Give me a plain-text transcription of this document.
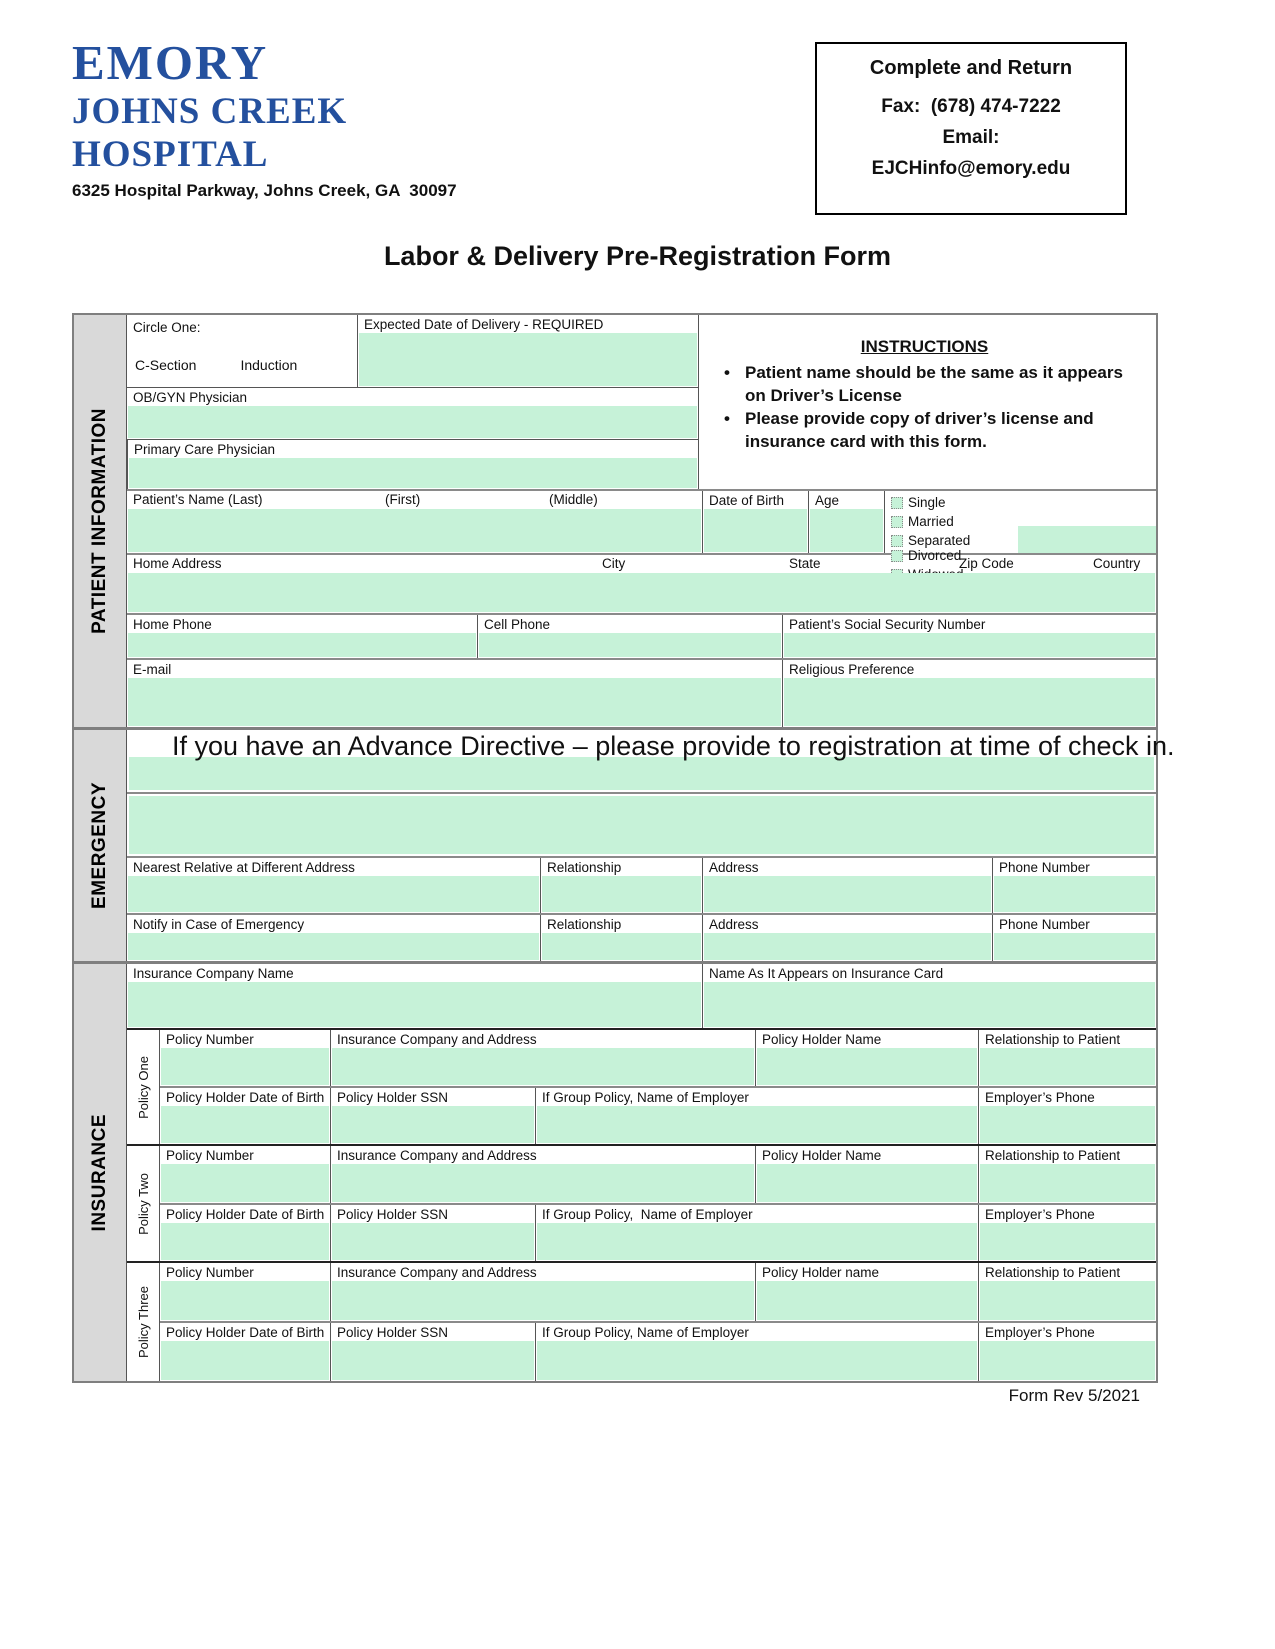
EMORY
JOHNS CREEK
HOSPITAL
6325 Hospital Parkway, Johns Creek, GA  30097
Complete and Return
Fax:  (678) 474-7222
Email:
EJCHinfo@emory.edu
Labor & Delivery Pre-Registration Form
PATIENT INFORMATION
Circle One:
C-Section	Induction
Expected Date of Delivery - REQUIRED
OB/GYN Physician
Primary Care Physician
INSTRUCTIONS
• Patient name should be the same as it appears on Driver’s License
• Please provide copy of driver’s license and insurance card with this form.
Patient’s Name (Last)	(First)	(Middle)	Date of Birth	Age	Single
Married
Separated
Divorced
Home Address	City	State	Zip Code	Country
Home Phone	Cell Phone	Patient’s Social Security Number
E-mail	Religious Preference
EMERGENCY
If you have an Advance Directive – please provide to registration at time of check in.
Nearest Relative at Different Address	Relationship	Address	Phone Number
Notify in Case of Emergency	Relationship	Address	Phone Number
INSURANCE
Insurance Company Name	Name As It Appears on Insurance Card
Policy One
Policy Number	Insurance Company and Address	Policy Holder Name	Relationship to Patient
Policy Holder Date of Birth Policy Holder SSN	If Group Policy, Name of Employer	Employer’s Phone
Policy Two
Policy Number	Insurance Company and Address	Policy Holder Name	Relationship to Patient
Policy Holder Date of Birth Policy Holder SSN	If Group Policy,  Name of Employer	Employer’s Phone
Policy Three
Policy Number	Insurance Company and Address	Policy Holder name	Relationship to Patient
Policy Holder Date of Birth Policy Holder SSN	If Group Policy, Name of Employer	Employer’s Phone
Form Rev 5/2021
